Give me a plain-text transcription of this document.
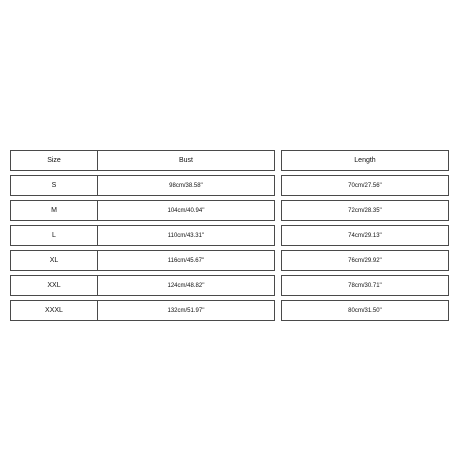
Size	Bust		Length
S	98cm/38.58''		70cm/27.56''
M	104cm/40.94''		72cm/28.35''
L	110cm/43.31''		74cm/29.13''
XL	116cm/45.67''		76cm/29.92''
XXL	124cm/48.82''		78cm/30.71''
XXXL	132cm/51.97''		80cm/31.50''
